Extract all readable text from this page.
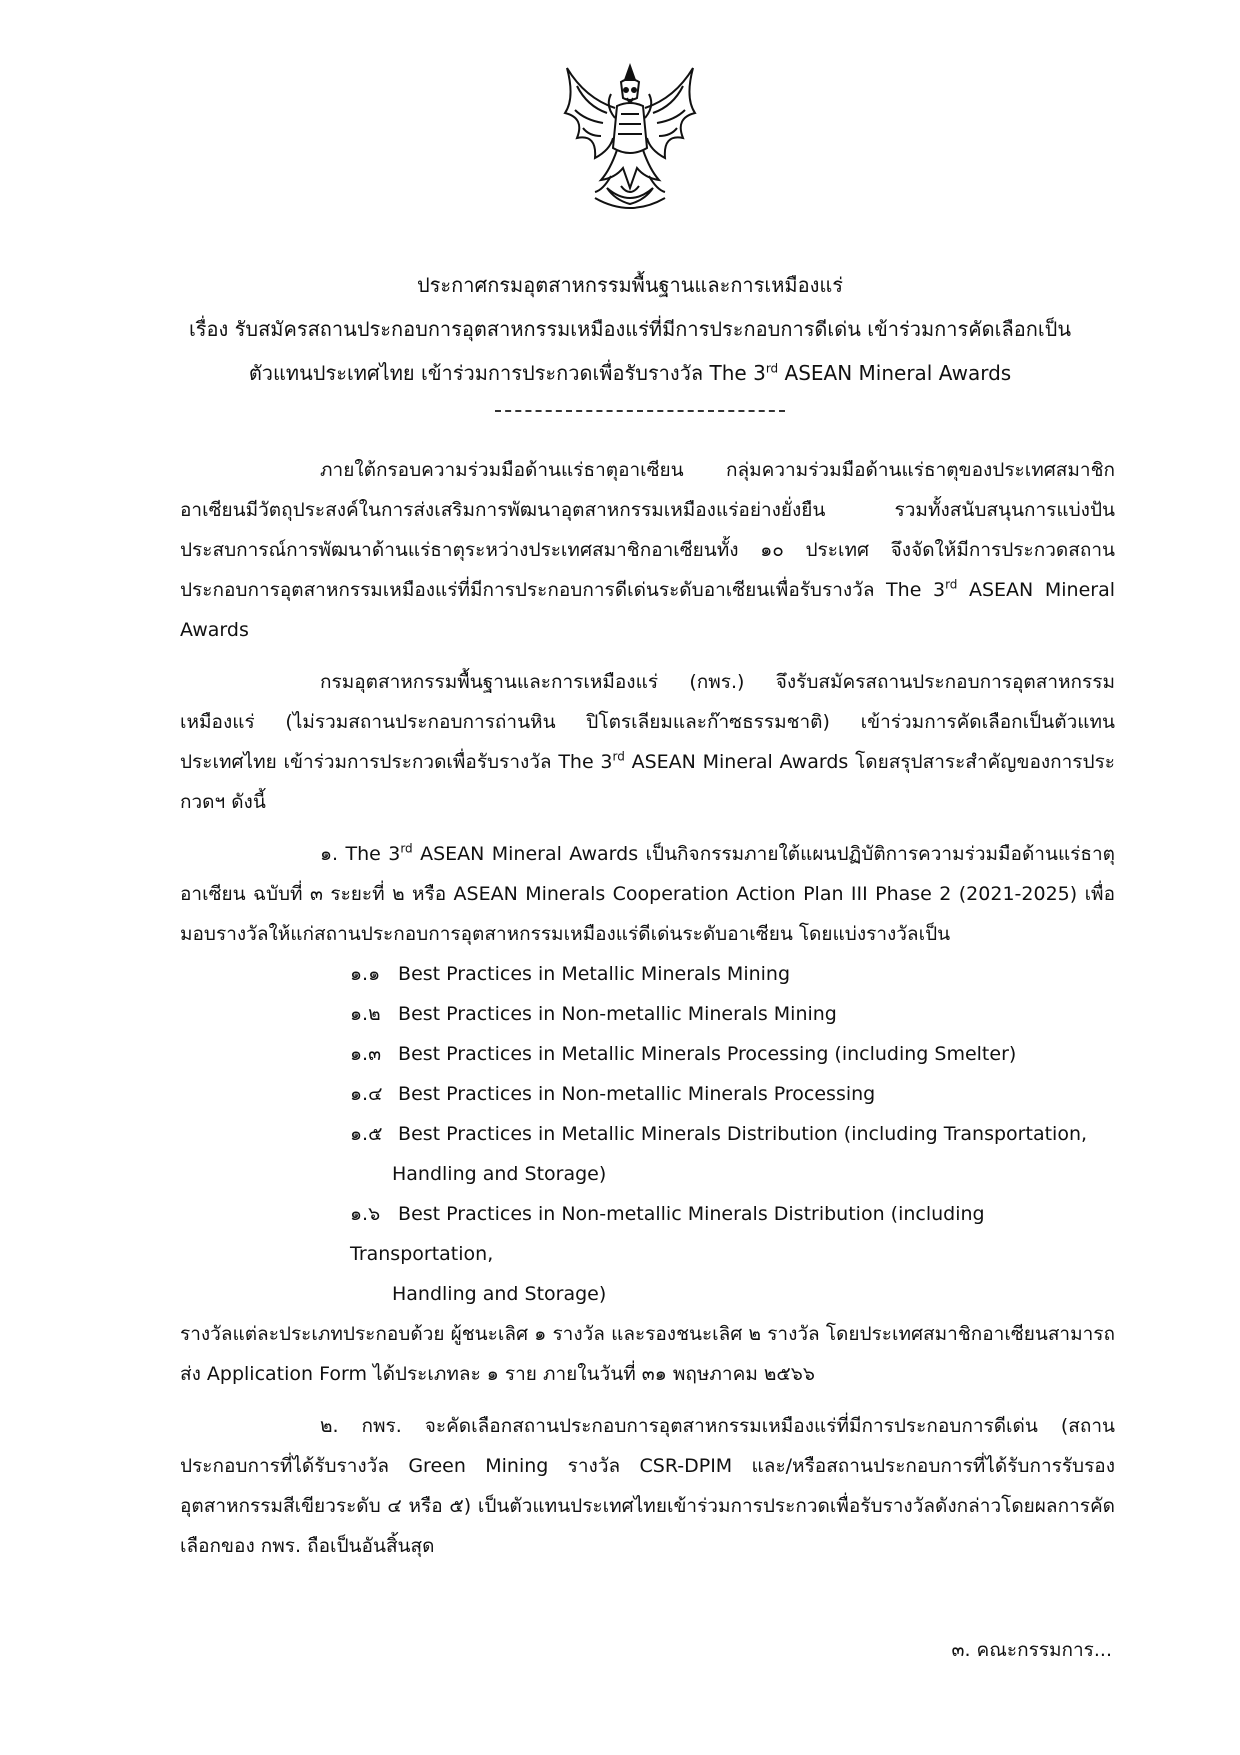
ประกาศกรมอุตสาหกรรมพื้นฐานและการเหมืองแร่
เรื่อง รับสมัครสถานประกอบการอุตสาหกรรมเหมืองแร่ที่มีการประกอบการดีเด่น เข้าร่วมการคัดเลือกเป็น
ตัวแทนประเทศไทย เข้าร่วมการประกวดเพื่อรับรางวัล The 3rd ASEAN Mineral Awards

ภายใต้กรอบความร่วมมือด้านแร่ธาตุอาเซียน กลุ่มความร่วมมือด้านแร่ธาตุของประเทศสมาชิกอาเซียนมีวัตถุประสงค์ในการส่งเสริมการพัฒนาอุตสาหกรรมเหมืองแร่อย่างยั่งยืน รวมทั้งสนับสนุนการแบ่งปันประสบการณ์การพัฒนาด้านแร่ธาตุระหว่างประเทศสมาชิกอาเซียนทั้ง ๑๐ ประเทศ จึงจัดให้มีการประกวดสถานประกอบการอุตสาหกรรมเหมืองแร่ที่มีการประกอบการดีเด่นระดับอาเซียนเพื่อรับรางวัล The 3rd ASEAN Mineral Awards

กรมอุตสาหกรรมพื้นฐานและการเหมืองแร่ (กพร.) จึงรับสมัครสถานประกอบการอุตสาหกรรมเหมืองแร่ (ไม่รวมสถานประกอบการถ่านหิน ปิโตรเลียมและก๊าซธรรมชาติ) เข้าร่วมการคัดเลือกเป็นตัวแทนประเทศไทย เข้าร่วมการประกวดเพื่อรับรางวัล The 3rd ASEAN Mineral Awards โดยสรุปสาระสำคัญของการประกวดฯ ดังนี้

๑. The 3rd ASEAN Mineral Awards เป็นกิจกรรมภายใต้แผนปฏิบัติการความร่วมมือด้านแร่ธาตุอาเซียน ฉบับที่ ๓ ระยะที่ ๒ หรือ ASEAN Minerals Cooperation Action Plan III Phase 2 (2021-2025) เพื่อมอบรางวัลให้แก่สถานประกอบการอุตสาหกรรมเหมืองแร่ดีเด่นระดับอาเซียน โดยแบ่งรางวัลเป็น

๑.๑ Best Practices in Metallic Minerals Mining
๑.๒ Best Practices in Non-metallic Minerals Mining
๑.๓ Best Practices in Metallic Minerals Processing (including Smelter)
๑.๔ Best Practices in Non-metallic Minerals Processing
๑.๕ Best Practices in Metallic Minerals Distribution (including Transportation,
Handling and Storage)
๑.๖ Best Practices in Non-metallic Minerals Distribution (including Transportation,
Handling and Storage)

รางวัลแต่ละประเภทประกอบด้วย ผู้ชนะเลิศ ๑ รางวัล และรองชนะเลิศ ๒ รางวัล โดยประเทศสมาชิกอาเซียนสามารถส่ง Application Form ได้ประเภทละ ๑ ราย ภายในวันที่ ๓๑ พฤษภาคม ๒๕๖๖

๒. กพร. จะคัดเลือกสถานประกอบการอุตสาหกรรมเหมืองแร่ที่มีการประกอบการดีเด่น (สถานประกอบการที่ได้รับรางวัล Green Mining รางวัล CSR-DPIM และ/หรือสถานประกอบการที่ได้รับการรับรองอุตสาหกรรมสีเขียวระดับ ๔ หรือ ๕) เป็นตัวแทนประเทศไทยเข้าร่วมการประกวดเพื่อรับรางวัลดังกล่าวโดยผลการคัดเลือกของ กพร. ถือเป็นอันสิ้นสุด

๓. คณะกรรมการ...
